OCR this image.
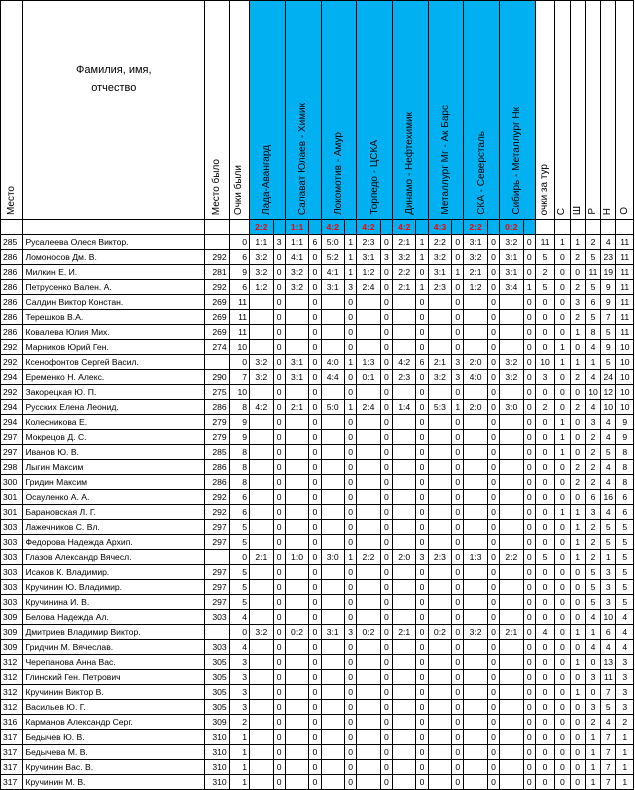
Место	Фамилия, имя,
отчество	Место было	Очки были	Лада-Авангард		Салават Юлаев - Химик		Локомотив - Амур		Торпедо - ЦСКА		Динамо - Нефтехимик		Металлург Мг - Ак Барс		СКА - Северсталь		Сибирь - Металлург Нк		очки за тур	С	Ш	Р	Н	О

				2:2		1:1		4:2		4:2		4:2		4:3		2:2		0:2							
285	Русалеева Олеся Виктор.		0	1:1	3	1:1	6	5:0	1	2:3	0	2:1	1	2:2	0	3:1	0	3:2	0	11	1	1	2	4	11
286	Ломоносов Дм. В.	292	6	3:2	0	4:1	0	5:2	1	3:1	3	3:2	1	3:2	0	3:2	0	3:1	0	5	0	2	5	23	11
286	Милкин Е. И.	281	9	3:2	0	3:2	0	4:1	1	1:2	0	2:2	0	3:1	1	2:1	0	3:1	0	2	0	0	11	19	11
286	Петрусенко Вален. А.	292	6	1:2	0	3:2	0	3:1	3	2:4	0	2:1	1	2:3	0	1:2	0	3:4	1	5	0	2	5	9	11
286	Салдин Виктор Констан.	269	11		0		0		0		0		0		0		0		0	0	0	3	6	9	11
286	Терешков В.А.	269	11		0		0		0		0		0		0		0		0	0	0	2	5	7	11
286	Ковалева Юлия Мих.	269	11		0		0		0		0		0		0		0		0	0	0	1	8	5	11
292	Марников Юрий Ген.	274	10		0		0		0		0		0		0		0		0	0	1	0	4	9	10
292	Ксенофонтов Сергей Васил.		0	3:2	0	3:1	0	4:0	1	1:3	0	4:2	6	2:1	3	2:0	0	3:2	0	10	1	1	1	5	10
294	Еременко Н. Алекс.	290	7	3:2	0	3:1	0	4:4	0	0:1	0	2:3	0	3:2	3	4:0	0	3:2	0	3	0	2	4	24	10
292	Закорецкая Ю. П.	275	10		0		0		0		0		0		0		0		0	0	0	0	10	12	10
294	Русских Елена Леонид.	286	8	4:2	0	2:1	0	5:0	1	2:4	0	1:4	0	5:3	1	2:0	0	3:0	0	2	0	2	4	10	10
294	Колесникова Е.	279	9		0		0		0		0		0		0		0		0	0	1	0	3	4	9
297	Мокрецов Д. С.	279	9		0		0		0		0		0		0		0		0	0	1	0	2	4	9
297	Иванов Ю. В.	285	8		0		0		0		0		0		0		0		0	0	1	0	2	5	8
298	Лыгин Максим	286	8		0		0		0		0		0		0		0		0	0	0	2	2	4	8
300	Гридин Максим	286	8		0		0		0		0		0		0		0		0	0	0	2	2	4	8
301	Осауленко А. А.	292	6		0		0		0		0		0		0		0		0	0	0	0	6	16	6
301	Барановская Л. Г.	292	6		0		0		0		0		0		0		0		0	0	1	1	3	4	6
303	Лажечников С. Вл.	297	5		0		0		0		0		0		0		0		0	0	0	1	2	5	5
303	Федорова Надежда Архип.	297	5		0		0		0		0		0		0		0		0	0	0	1	2	5	5
303	Глазов Александр Вячесл.		0	2:1	0	1:0	0	3:0	1	2:2	0	2:0	3	2:3	0	1:3	0	2:2	0	5	0	1	2	1	5
303	Исаков К. Владимир.	297	5		0		0		0		0		0		0		0		0	0	0	0	5	3	5
303	Кручинин Ю. Владимир.	297	5		0		0		0		0		0		0		0		0	0	0	0	5	3	5
303	Кручинина И. В.	297	5		0		0		0		0		0		0		0		0	0	0	0	5	3	5
309	Белова Надежда Ал.	303	4		0		0		0		0		0		0		0		0	0	0	0	4	10	4
309	Дмитриев Владимир Виктор.		0	3:2	0	0:2	0	3:1	3	0:2	0	2:1	0	0:2	0	3:2	0	2:1	0	4	0	1	1	6	4
309	Гридчин М. Вячеслав.	303	4		0		0		0		0		0		0		0		0	0	0	0	4	4	4
312	Черепанова Анна Вас.	305	3		0		0		0		0		0		0		0		0	0	0	1	0	13	3
312	Глинский Ген. Петрович	305	3		0		0		0		0		0		0		0		0	0	0	0	3	11	3
312	Кручинин Виктор В.	305	3		0		0		0		0		0		0		0		0	0	0	1	0	7	3
312	Васильев Ю. Г.	305	3		0		0		0		0		0		0		0		0	0	0	0	3	5	3
316	Карманов Александр Серг.	309	2		0		0		0		0		0		0		0		0	0	0	0	2	4	2
317	Бедычев Ю. В.	310	1		0		0		0		0		0		0		0		0	0	0	0	1	7	1
317	Бедычева М. В.	310	1		0		0		0		0		0		0		0		0	0	0	0	1	7	1
317	Кручинин Вас. В.	310	1		0		0		0		0		0		0		0		0	0	0	0	1	7	1
317	Кручинин М. В.	310	1		0		0		0		0		0		0		0		0	0	0	0	1	7	1
